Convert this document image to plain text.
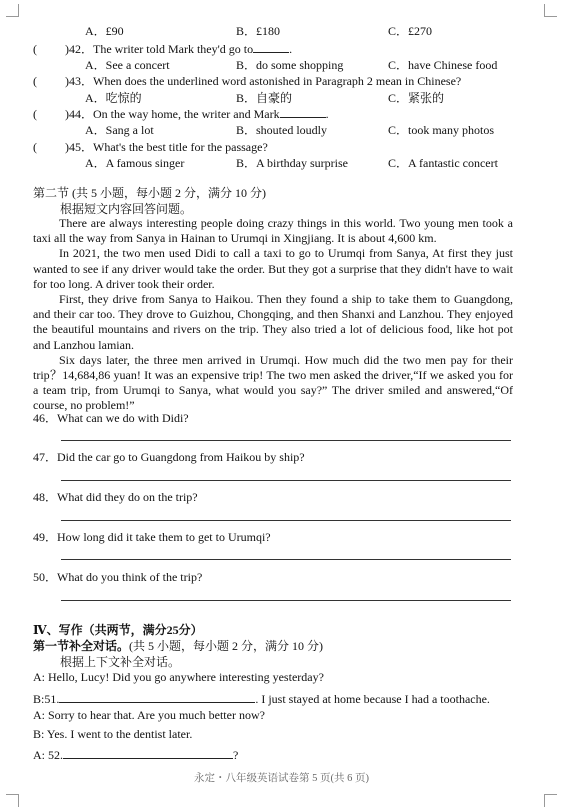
A．£90	B．£180	C．£270
( )42．The writer told Mark they'd go to	.
A．See a concert	B．do some shopping	C．have Chinese food
( )43．When does the underlined word astonished in Paragraph 2 mean in Chinese?
A．吃惊的	B．自豪的	C．紧张的
( )44．On the way home, the writer and Mark	.
A．Sang a lot	B．shouted loudly	C．took many photos
( )45．What's the best title for the passage?
A．A famous singer	B．A birthday surprise	C．A fantastic concert
第二节 (共 5 小题，每小题 2 分，满分 10 分)
根据短文内容回答问题。

There are always interesting people doing crazy things in this world. Two young men took a taxi all the way from Sanya in Hainan to Urumqi in Xingjiang. It is about 4,600 km.

In 2021, the two men used Didi to call a taxi to go to Urumqi from Sanya, At first they just wanted to see if any driver would take the order. But they got a surprise that they didn't have to wait for too long. A driver took their order.

First, they drive from Sanya to Haikou. Then they found a ship to take them to Guangdong, and their car too. They drove to Guizhou, Chongqing, and then Shanxi and Lanzhou. They enjoyed the beautiful mountains and rivers on the trip. They also tried a lot of delicious food, like hot pot and Lanzhou lamian.

Six days later, the three men arrived in Urumqi. How much did the two men pay for their trip？14,684,86 yuan! It was an expensive trip! The two men asked the driver,“If we asked you for a team trip, from Urumqi to Sanya, what would you say?” The driver smiled and answered,“Of course, no problem!”

46．What can we do with Didi?
47．Did the car go to Guangdong from Haikou by ship?
48．What did they do on the trip?
49．How long did it take them to get to Urumqi?
50．What do you think of the trip?
Ⅳ、写作（共两节，满分25分）
第一节补全对话。(共 5 小题，每小题 2 分，满分 10 分)
根据上下文补全对话。
A: Hello, Lucy! Did you go anywhere interesting yesterday?
B:51.	. I just stayed at home because I had a toothache.
A: Sorry to hear that. Are you much better now?
B: Yes. I went to the dentist later.
A: 52.	?
永定・八年级英语试卷第 5 页(共 6 页)
